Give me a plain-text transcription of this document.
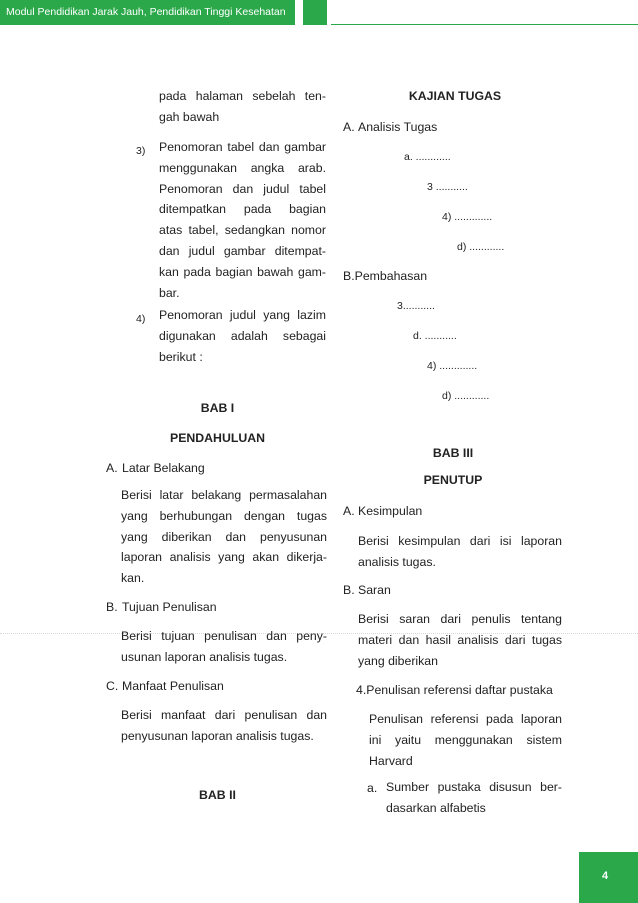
Modul Pendidikan Jarak Jauh, Pendidikan Tinggi Kesehatan
pada halaman sebelah ten-
gah bawah
3) Penomoran tabel dan gambar
menggunakan angka arab.
Penomoran dan judul tabel
ditempatkan pada bagian
atas tabel, sedangkan nomor
dan judul gambar ditempat-
kan pada bagian bawah gam-
bar.
4) Penomoran judul yang lazim
digunakan adalah sebagai
berikut :
BAB I
PENDAHULUAN
A. Latar Belakang
Berisi latar belakang permasalahan
yang berhubungan dengan tugas
yang diberikan dan penyusunan
laporan analisis yang akan dikerja-
kan.
B. Tujuan Penulisan
Berisi tujuan penulisan dan peny-
usunan laporan analisis tugas.
C. Manfaat Penulisan
Berisi manfaat dari penulisan dan
penyusunan laporan analisis tugas.
BAB II
KAJIAN TUGAS
A. Analisis Tugas
a. ............
3 ...........
4) .............
d) ............
B.Pembahasan
3...........
d. ...........
4) .............
d) ............
BAB III
PENUTUP
A. Kesimpulan
Berisi kesimpulan dari isi laporan
analisis tugas.
B. Saran
Berisi saran dari penulis tentang
materi dan hasil analisis dari tugas
yang diberikan
4.Penulisan referensi daftar pustaka
Penulisan referensi pada laporan
ini yaitu menggunakan sistem
Harvard
a. Sumber pustaka disusun ber-
dasarkan alfabetis
4
